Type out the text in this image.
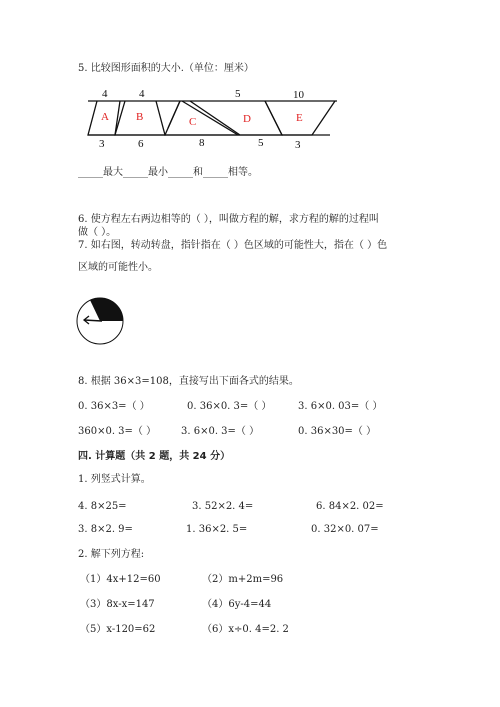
5. 比较图形面积的大小.（单位：厘米）
4	4	5	10
3	6	8	5	3
A B	C	D	E
_____最大_____最小_____和_____相等。
6. 使方程左右两边相等的（ ），叫做方程的解，求方程的解的过程叫
做（ ）。
7. 如右图，转动转盘，指针指在（ ）色区域的可能性大，指在（ ）色
区域的可能性小。
8. 根据 36×3=108，直接写出下面各式的结果。
0. 36×3=（ ）	0. 36×0. 3=（ ）	3. 6×0. 03=（ ）
360×0. 3=（ ） 3. 6×0. 3=（ ）	0. 36×30=（ ）
四. 计算题（共 2 题，共 24 分）
1. 列竖式计算。
4. 8×25=	3. 52×2. 4=	6. 84×2. 02=
3. 8×2. 9=	1. 36×2. 5=	0. 32×0. 07=
2. 解下列方程:
（1）4x+12=60	（2）m+2m=96
（3）8x-x=147	（4）6y-4=44
（5）x-120=62	（6）x÷0. 4=2. 2
